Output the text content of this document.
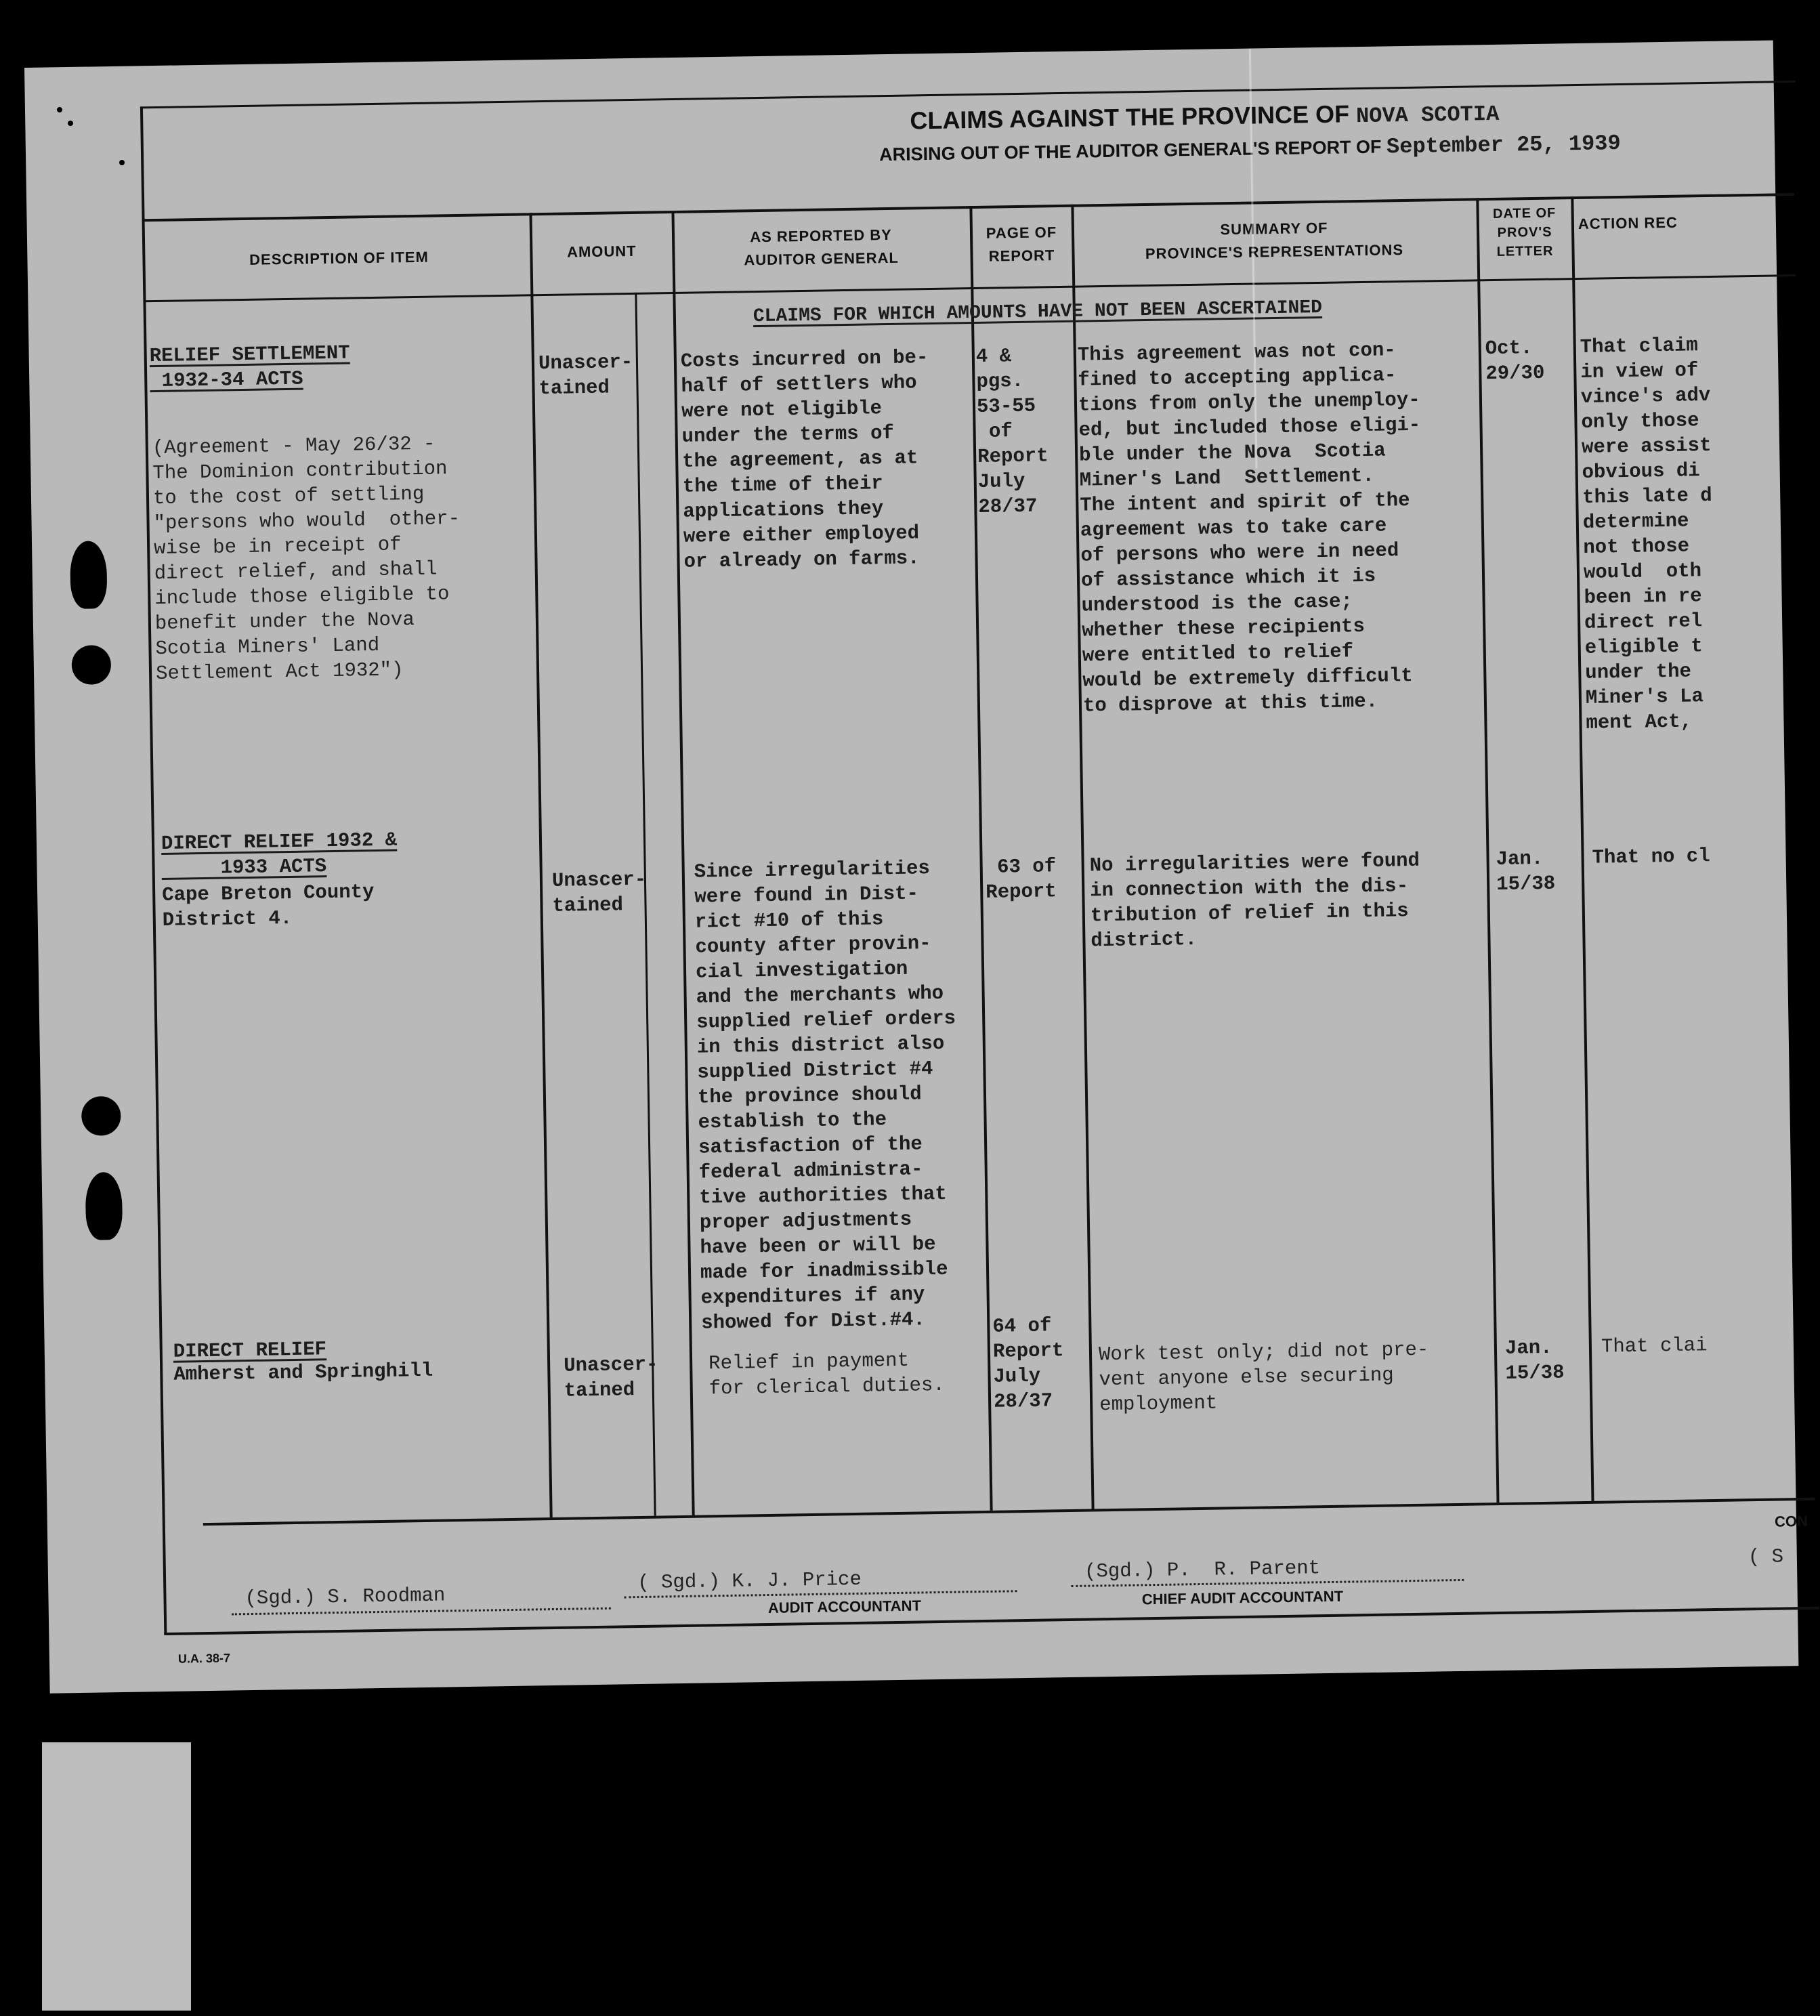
CLAIMS AGAINST THE PROVINCE OF NOVA SCOTIA
ARISING OUT OF THE AUDITOR GENERAL'S REPORT OF September 25, 1939
DESCRIPTION OF ITEM	AMOUNT
AS REPORTED BY
AUDITOR GENERAL
PAGE OF
REPORT
SUMMARY OF
PROVINCE'S REPRESENTATIONS
DATE OF
PROV'S
LETTER
ACTION REC
CLAIMS FOR WHICH AMOUNTS HAVE NOT BEEN ASCERTAINED
RELIEF SETTLEMENT
1932-34 ACTS
(Agreement - May 26/32 -
The Dominion contribution
to the cost of settling
"persons who would  other-
wise be in receipt of
direct relief, and shall
include those eligible to
benefit under the Nova
Scotia Miners' Land
Settlement Act 1932")
Unascer-
tained
Costs incurred on be-
half of settlers who
were not eligible
under the terms of
the agreement, as at
the time of their
applications they
were either employed
or already on farms.
4 &
pgs.
53-55
of
Report
July
28/37
This agreement was not con-
fined to accepting applica-
tions from only the unemploy-
ed, but included those eligi-
ble under the Nova  Scotia
Miner's Land  Settlement.
The intent and spirit of the
agreement was to take care
of persons who were in need
of assistance which it is
understood is the case;
whether these recipients
were entitled to relief
would be extremely difficult
to disprove at this time.
Oct.
29/30
That claim
in view of
vince's adv
only those
were assist
obvious di
this late d
determine
not those
would  oth
been in re
direct rel
eligible t
under the
Miner's La
ment Act,
DIRECT RELIEF 1932 &
1933 ACTS
Cape Breton County
District 4.
Unascer-
tained
Since irregularities
were found in Dist-
rict #10 of this
county after provin-
cial investigation
and the merchants who
supplied relief orders
in this district also
supplied District #4
the province should
establish to the
satisfaction of the
federal administra-
tive authorities that
proper adjustments
have been or will be
made for inadmissible
expenditures if any
showed for Dist.#4.
63 of
Report
No irregularities were found
in connection with the dis-
tribution of relief in this
district.
Jan.
15/38
That no cl
DIRECT RELIEF
Amherst and Springhill	Unascer-
tained
Relief in payment
for clerical duties.
64 of
Report
July
28/37
Work test only; did not pre-
vent anyone else securing
employment
Jan.
15/38
That clai
CON
(Sgd.) S. Roodman
( Sgd.) K. J. Price
AUDIT ACCOUNTANT
(Sgd.) P.  R. Parent
CHIEF AUDIT ACCOUNTANT
( S
U.A. 38-7
